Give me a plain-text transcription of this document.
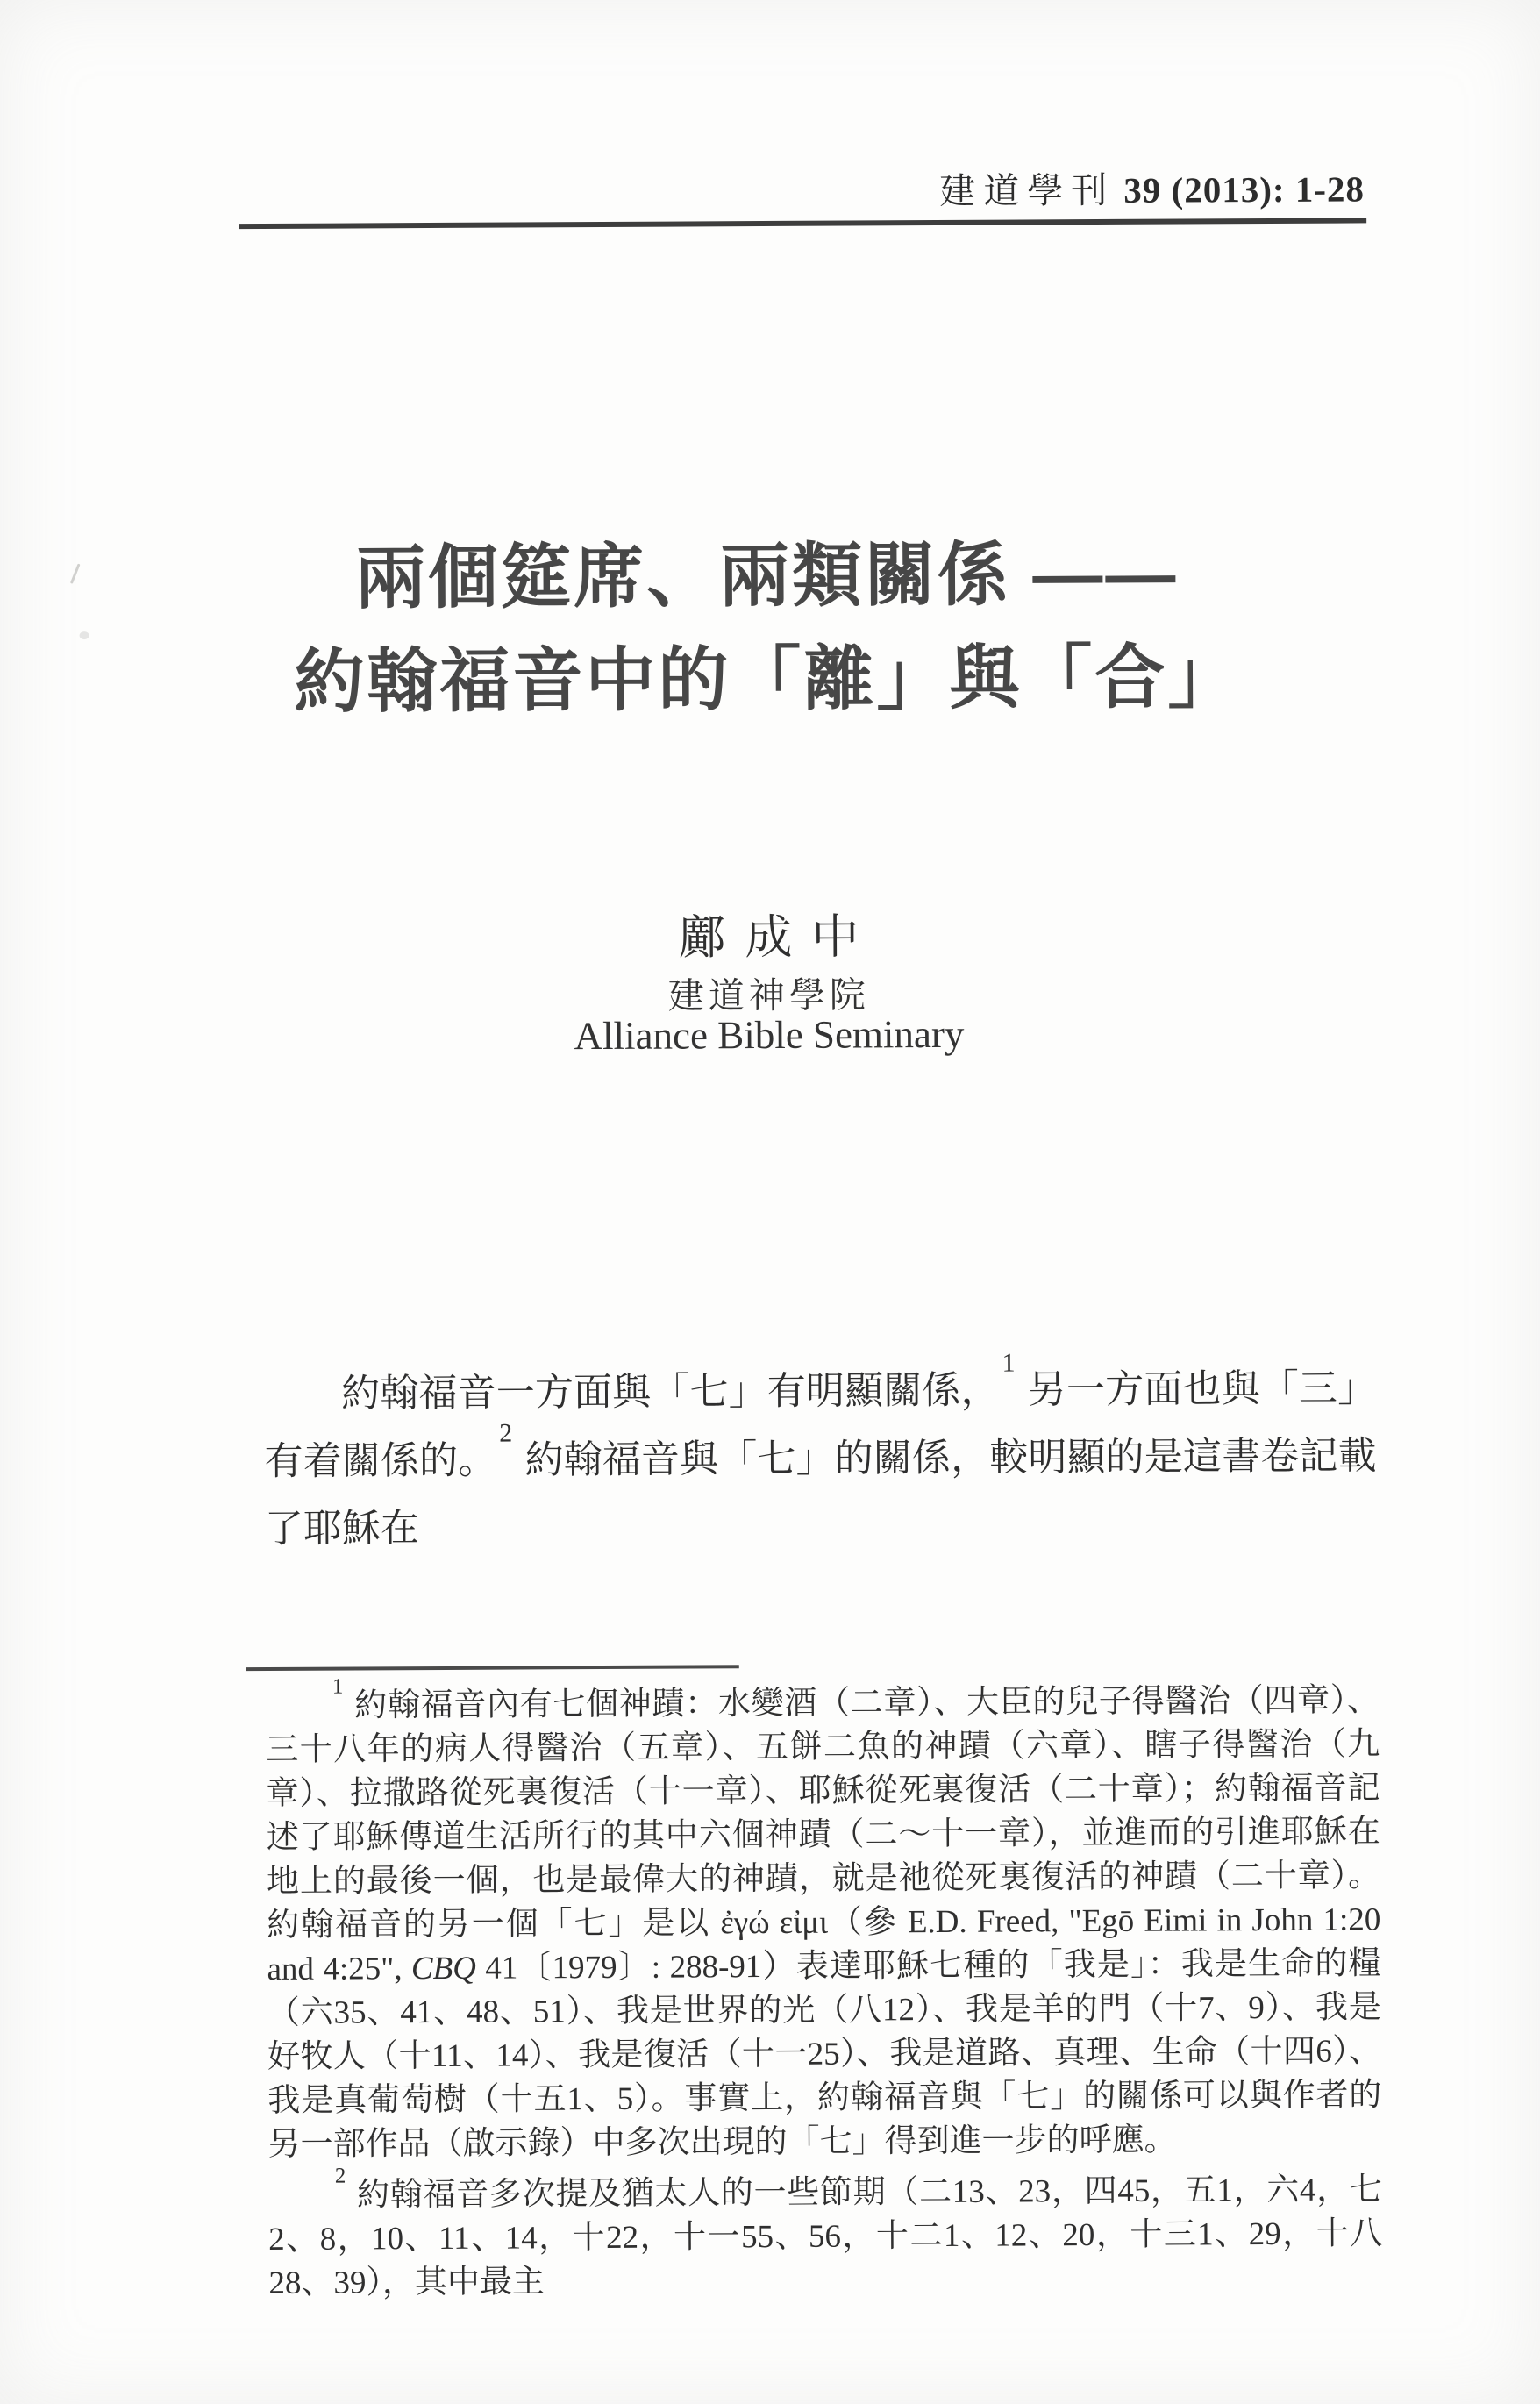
建道學刊 39 (2013): 1-28
兩個筵席、兩類關係 ——
約翰福音中的「離」與「合」
鄺成中
建道神學院
Alliance Bible Seminary

約翰福音一方面與「七」有明顯關係，$^1$ 另一方面也與「三」有着關係的。$^2$ 約翰福音與「七」的關係，較明顯的是這書卷記載了耶穌在

$^1$ 約翰福音內有七個神蹟：水變酒（二章）、大臣的兒子得醫治（四章）、三十八年的病人得醫治（五章）、五餅二魚的神蹟（六章）、瞎子得醫治（九章）、拉撒路從死裏復活（十一章）、耶穌從死裏復活（二十章）；約翰福音記述了耶穌傳道生活所行的其中六個神蹟（二～十一章），並進而的引進耶穌在地上的最後一個，也是最偉大的神蹟，就是祂從死裏復活的神蹟（二十章）。約翰福音的另一個「七」是以 ἐγώ εἰμι（參 E.D. Freed, "Egō Eimi in John 1:20 and 4:25", CBQ 41〔1979〕: 288-91）表達耶穌七種的「我是」：我是生命的糧（六35、41、48、51）、我是世界的光（八12）、我是羊的門（十7、9）、我是好牧人（十11、14）、我是復活（十一25）、我是道路、真理、生命（十四6）、我是真葡萄樹（十五1、5）。事實上，約翰福音與「七」的關係可以與作者的另一部作品（啟示錄）中多次出現的「七」得到進一步的呼應。

$^2$ 約翰福音多次提及猶太人的一些節期（二13、23，四45，五1，六4，七2、8，10、11、14，十22，十一55、56，十二1、12、20，十三1、29，十八28、39），其中最主
